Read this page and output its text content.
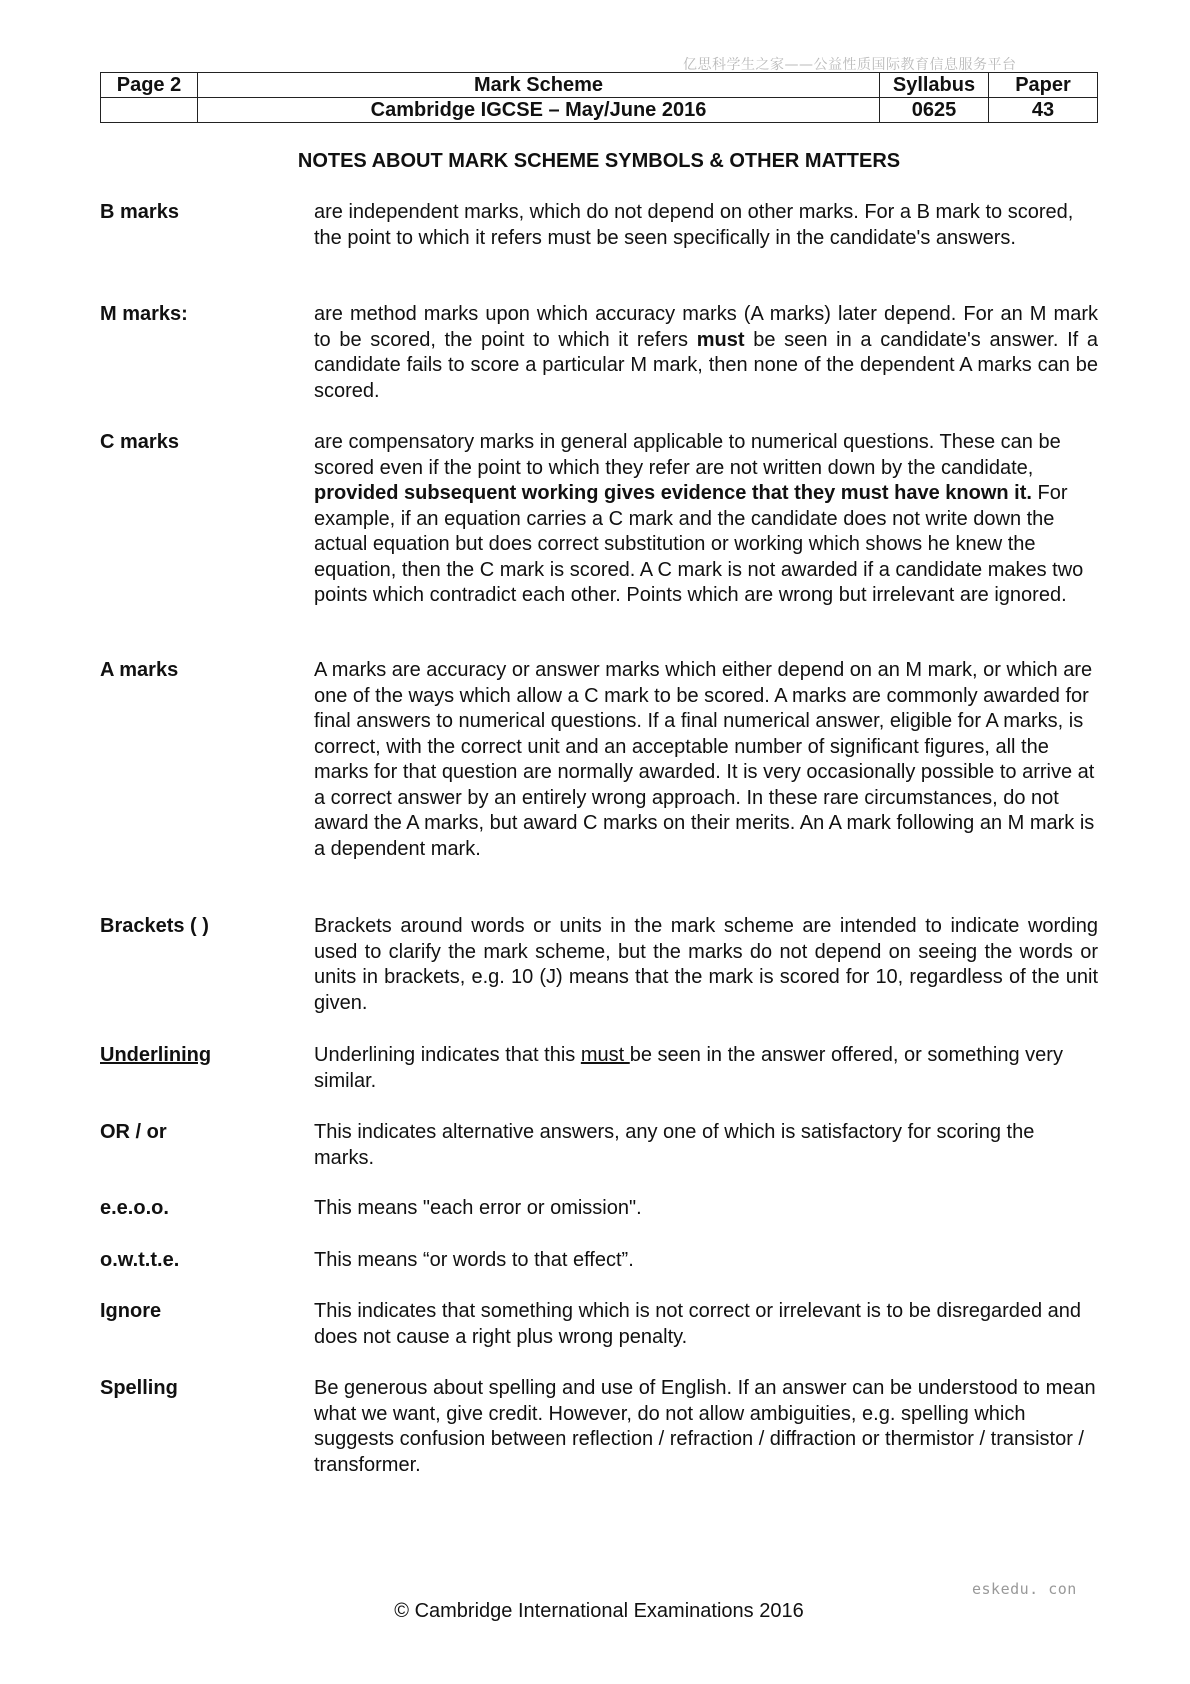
亿思科学生之家——公益性质国际教育信息服务平台
Page 2	Mark Scheme	Syllabus	Paper
	Cambridge IGCSE – May/June 2016	0625	43
NOTES ABOUT MARK SCHEME SYMBOLS & OTHER MATTERS
B marks	are independent marks, which do not depend on other marks. For a B mark to scored, the point to which it refers must be seen specifically in the candidate's answers.
M marks:	are method marks upon which accuracy marks (A marks) later depend. For an M mark to be scored, the point to which it refers must be seen in a candidate's answer. If a candidate fails to score a particular M mark, then none of the dependent A marks can be scored.
C marks	are compensatory marks in general applicable to numerical questions. These can be scored even if the point to which they refer are not written down by the candidate, provided subsequent working gives evidence that they must have known it. For example, if an equation carries a C mark and the candidate does not write down the actual equation but does correct substitution or working which shows he knew the equation, then the C mark is scored. A C mark is not awarded if a candidate makes two points which contradict each other. Points which are wrong but irrelevant are ignored.
A marks	A marks are accuracy or answer marks which either depend on an M mark, or which are one of the ways which allow a C mark to be scored. A marks are commonly awarded for final answers to numerical questions. If a final numerical answer, eligible for A marks, is correct, with the correct unit and an acceptable number of significant figures, all the marks for that question are normally awarded. It is very occasionally possible to arrive at a correct answer by an entirely wrong approach. In these rare circumstances, do not award the A marks, but award C marks on their merits. An A mark following an M mark is a dependent mark.
Brackets ( )	Brackets around words or units in the mark scheme are intended to indicate wording used to clarify the mark scheme, but the marks do not depend on seeing the words or units in brackets, e.g. 10 (J) means that the mark is scored for 10, regardless of the unit given.
Underlining	Underlining indicates that this must be seen in the answer offered, or something very similar.
OR / or	This indicates alternative answers, any one of which is satisfactory for scoring the marks.
e.e.o.o.	This means "each error or omission".
o.w.t.t.e.	This means “or words to that effect”.
Ignore	This indicates that something which is not correct or irrelevant is to be disregarded and does not cause a right plus wrong penalty.
Spelling	Be generous about spelling and use of English. If an answer can be understood to mean what we want, give credit. However, do not allow ambiguities, e.g. spelling which suggests confusion between reflection / refraction / diffraction or thermistor / transistor / transformer.
eskedu. con
© Cambridge International Examinations 2016
